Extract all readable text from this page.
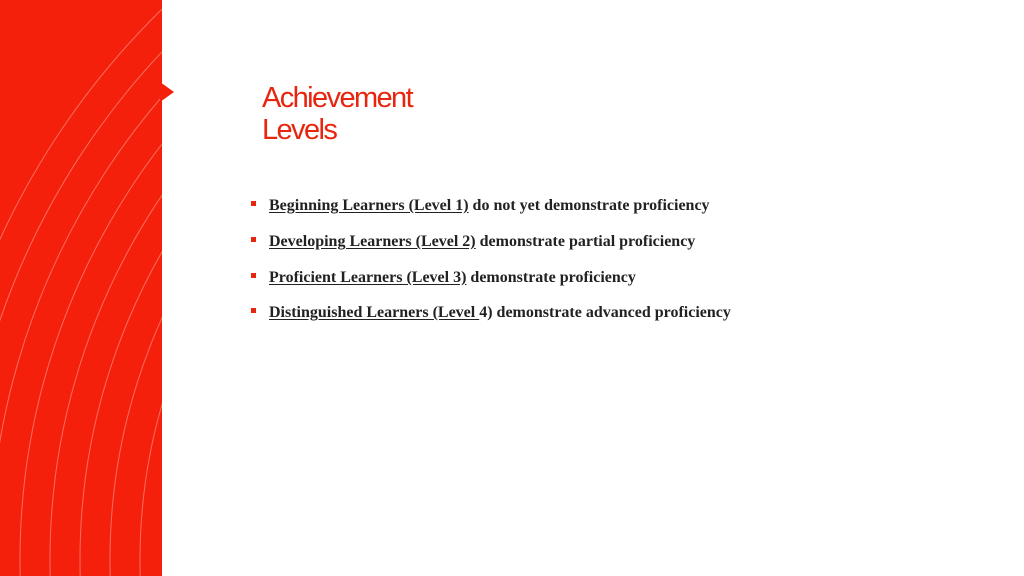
Achievement
Levels
Beginning Learners (Level 1) do not yet demonstrate proficiency
Developing Learners (Level 2) demonstrate partial proficiency
Proficient Learners (Level 3) demonstrate proficiency
Distinguished Learners (Level 4) demonstrate advanced proficiency
